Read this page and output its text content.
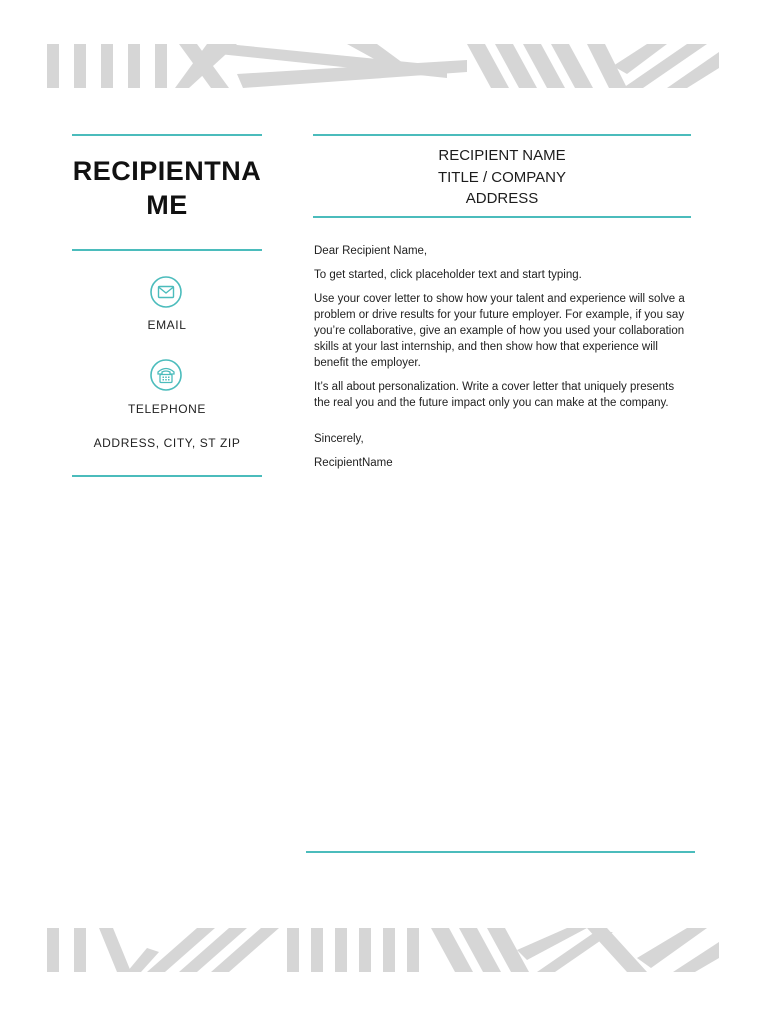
RECIPIENTNA
ME
EMAIL
TELEPHONE
ADDRESS, CITY, ST ZIP
RECIPIENT NAME
TITLE / COMPANY
ADDRESS

Dear Recipient Name,

To get started, click placeholder text and start typing.

Use your cover letter to show how your talent and experience will solve a problem or drive results for your future employer. For example, if you say you’re collaborative, give an example of how you used your collaboration skills at your last internship, and then show how that experience will benefit the employer.

It’s all about personalization. Write a cover letter that uniquely presents the real you and the future impact only you can make at the company.

Sincerely,

RecipientName
